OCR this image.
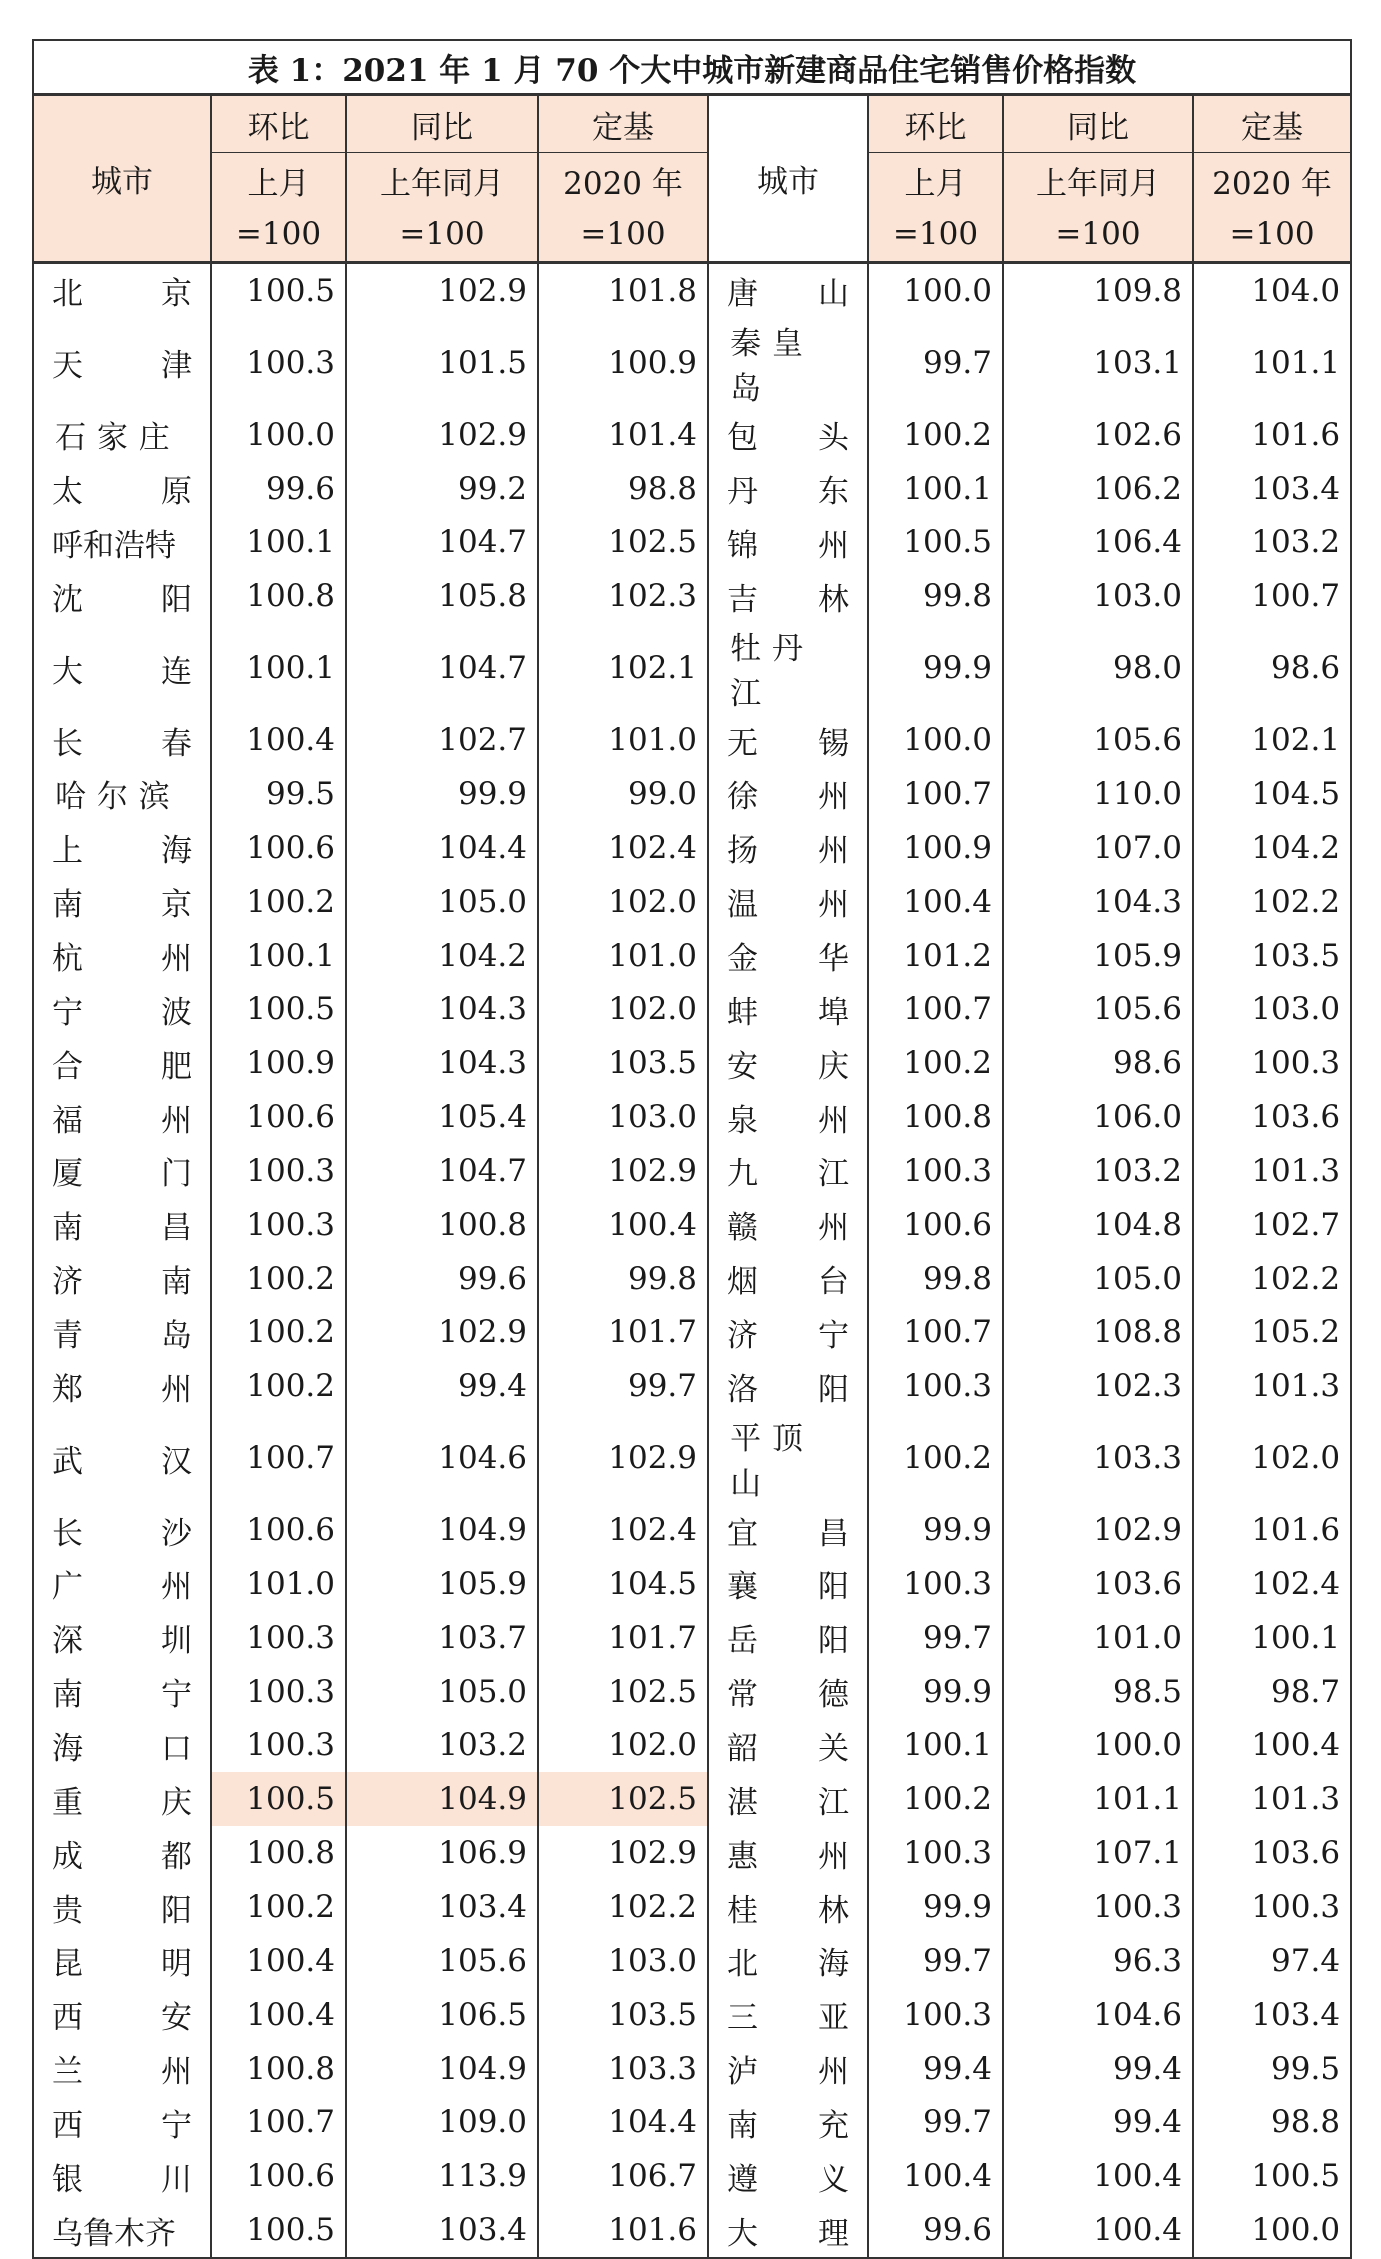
表 1：2021 年 1 月 70 个大中城市新建商品住宅销售价格指数							
城市	环比	同比	定基	城市	环比	同比	定基
	上月	上年同月	2020 年		上月	上年同月	2020 年
	=100	=100	=100		=100	=100	=100

北 京	100.5	102.9	101.8	唐 山	100.0	109.8	104.0

天 津	100.3	101.5	100.9	秦皇岛	99.7	103.1	101.1

石家庄	100.0	102.9	101.4	包 头	100.2	102.6	101.6

太 原	99.6	99.2	98.8	丹 东	100.1	106.2	103.4

呼和浩特	100.1	104.7	102.5	锦 州	100.5	106.4	103.2

沈 阳	100.8	105.8	102.3	吉 林	99.8	103.0	100.7

大 连	100.1	104.7	102.1	牡丹江	99.9	98.0	98.6

长 春	100.4	102.7	101.0	无 锡	100.0	105.6	102.1

哈尔滨	99.5	99.9	99.0	徐 州	100.7	110.0	104.5

上 海	100.6	104.4	102.4	扬 州	100.9	107.0	104.2

南 京	100.2	105.0	102.0	温 州	100.4	104.3	102.2

杭 州	100.1	104.2	101.0	金 华	101.2	105.9	103.5

宁 波	100.5	104.3	102.0	蚌 埠	100.7	105.6	103.0

合 肥	100.9	104.3	103.5	安 庆	100.2	98.6	100.3

福 州	100.6	105.4	103.0	泉 州	100.8	106.0	103.6

厦 门	100.3	104.7	102.9	九 江	100.3	103.2	101.3

南 昌	100.3	100.8	100.4	赣 州	100.6	104.8	102.7

济 南	100.2	99.6	99.8	烟 台	99.8	105.0	102.2

青 岛	100.2	102.9	101.7	济 宁	100.7	108.8	105.2

郑 州	100.2	99.4	99.7	洛 阳	100.3	102.3	101.3

武 汉	100.7	104.6	102.9	平顶山	100.2	103.3	102.0

长 沙	100.6	104.9	102.4	宜 昌	99.9	102.9	101.6

广 州	101.0	105.9	104.5	襄 阳	100.3	103.6	102.4

深 圳	100.3	103.7	101.7	岳 阳	99.7	101.0	100.1

南 宁	100.3	105.0	102.5	常 德	99.9	98.5	98.7

海 口	100.3	103.2	102.0	韶 关	100.1	100.0	100.4

重 庆	100.5	104.9	102.5	湛 江	100.2	101.1	101.3

成 都	100.8	106.9	102.9	惠 州	100.3	107.1	103.6

贵 阳	100.2	103.4	102.2	桂 林	99.9	100.3	100.3

昆 明	100.4	105.6	103.0	北 海	99.7	96.3	97.4

西 安	100.4	106.5	103.5	三 亚	100.3	104.6	103.4

兰 州	100.8	104.9	103.3	泸 州	99.4	99.4	99.5

西 宁	100.7	109.0	104.4	南 充	99.7	99.4	98.8

银 川	100.6	113.9	106.7	遵 义	100.4	100.4	100.5

乌鲁木齐	100.5	103.4	101.6	大 理	99.6	100.4	100.0
